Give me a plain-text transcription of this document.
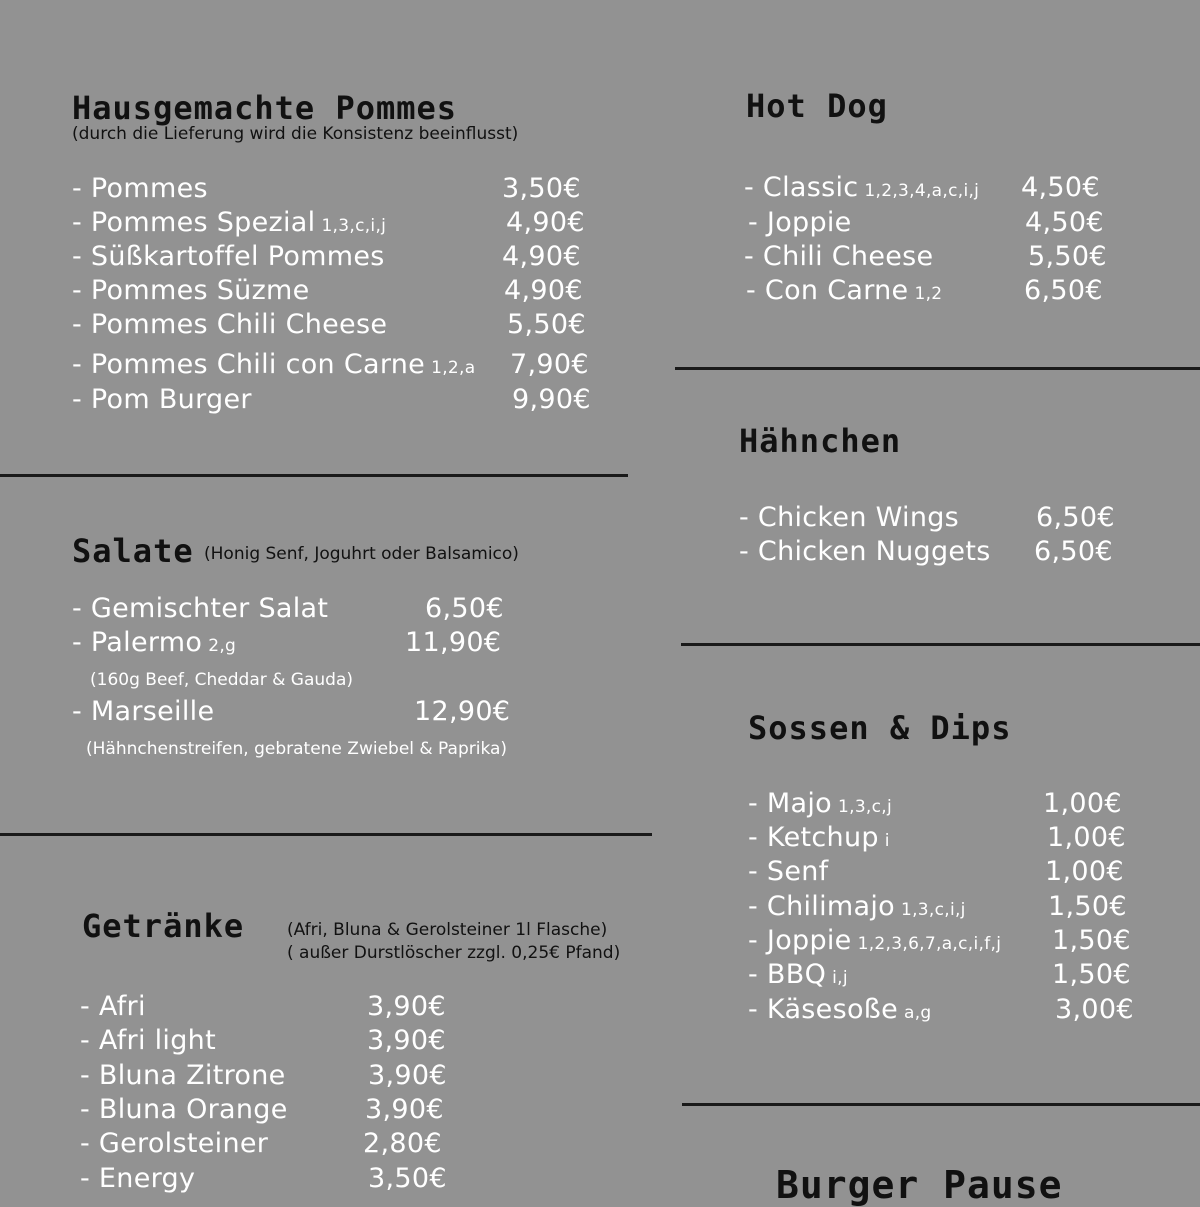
Hausgemachte Pommes
(durch die Lieferung wird die Konsistenz beeinflusst)
- Pommes	3,50€
- Pommes Spezial 1,3,c,i,j	4,90€
- Süßkartoffel Pommes	4,90€
- Pommes Süzme	4,90€
- Pommes Chili Cheese	5,50€
- Pommes Chili con Carne 1,2,a 7,90€
- Pom Burger	9,90€
Salate (Honig Senf, Joguhrt oder Balsamico)
- Gemischter Salat	6,50€
- Palermo 2,g	11,90€
(160g Beef, Cheddar & Gauda)
- Marseille	12,90€
(Hähnchenstreifen, gebratene Zwiebel & Paprika)
Getränke	(Afri, Bluna & Gerolsteiner 1l Flasche)
( außer Durstlöscher zzgl. 0,25€ Pfand)
- Afri	3,90€
- Afri light	3,90€
- Bluna Zitrone	3,90€
- Bluna Orange	3,90€
- Gerolsteiner	2,80€
- Energy	3,50€
Hot Dog
- Classic 1,2,3,4,a,c,i,j 4,50€
- Joppie	4,50€
- Chili Cheese	5,50€
- Con Carne 1,2	6,50€
Hähnchen
- Chicken Wings	6,50€
- Chicken Nuggets 6,50€
Sossen & Dips
- Majo 1,3,c,j	1,00€
- Ketchup i	1,00€
- Senf	1,00€
- Chilimajo 1,3,c,i,j	1,50€
- Joppie 1,2,3,6,7,a,c,i,f,j 1,50€
- BBQ i,j	1,50€
- Käsesoße a,g	3,00€
Burger Pause
